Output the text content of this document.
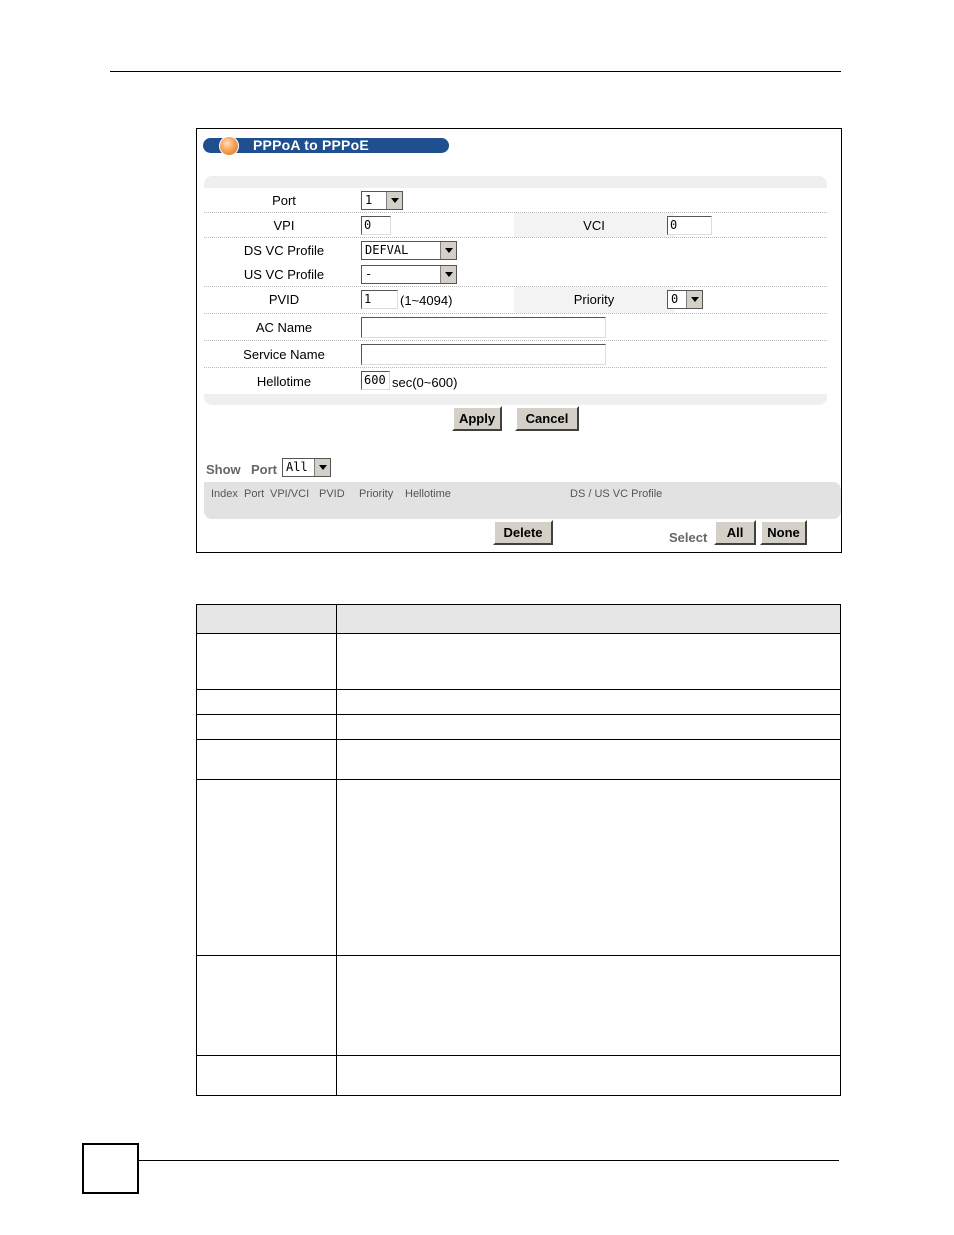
PPPoA to PPPoE
Port	1
VPI	0	VCI	0
DS VC Profile	DEFVAL
US VC Profile	-
PVID	1	(1~4094)	Priority	0
AC Name
Service Name
Hellotime	600 sec(0~600)
Apply	Cancel
Show Port All
Index Port VPI/VCI PVID Priority Hellotime	DS / US VC Profile
Delete	Select	All	None
